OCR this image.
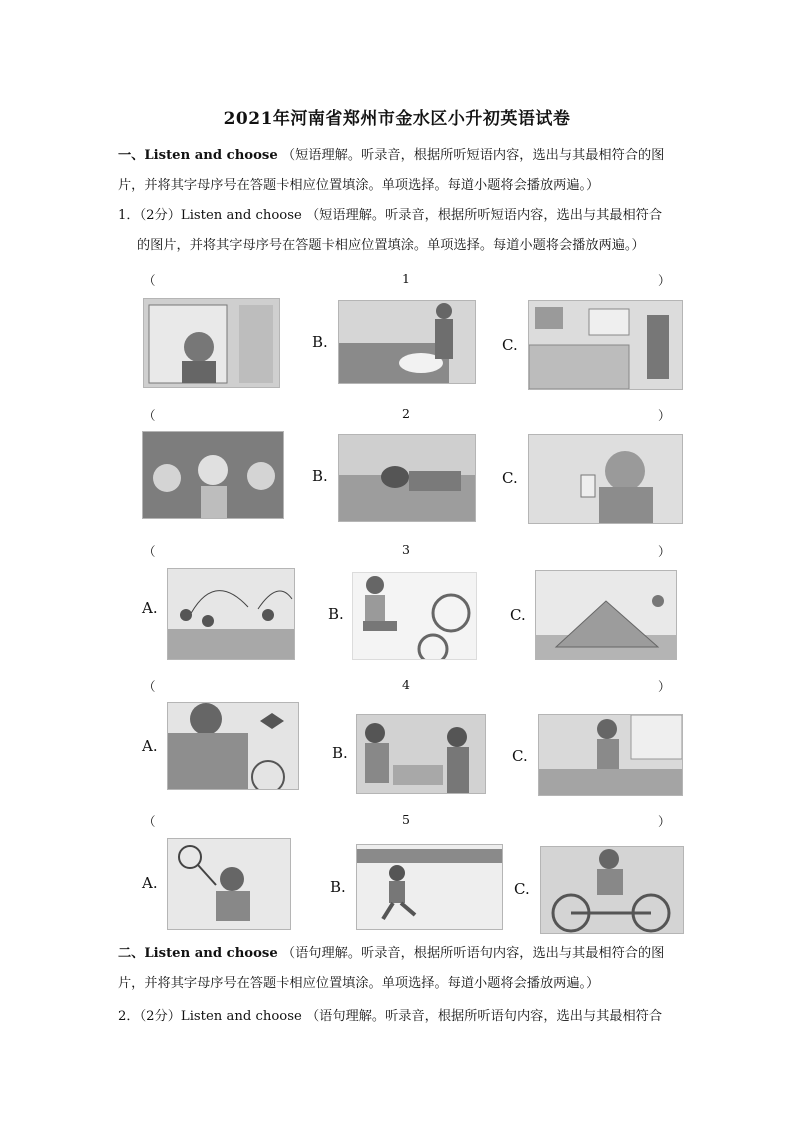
2021年河南省郑州市金水区小升初英语试卷
一、Listen and choose （短语理解。听录音，根据所听短语内容，选出与其最相符合的图
片，并将其字母序号在答题卡相应位置填涂。单项选择。每道小题将会播放两遍。）
1．（2分）Listen and choose （短语理解。听录音，根据所听短语内容，选出与其最相符合
的图片，并将其字母序号在答题卡相应位置填涂。单项选择。每道小题将会播放两遍。）
（	1	）
B.	C.
（	2	）
B.	C.
（	3	）
A.	B.	C.
（	4	）
A.	B.	C.
（	5	）
A.	B.	C.
二、Listen and choose （语句理解。听录音，根据所听语句内容，选出与其最相符合的图
片，并将其字母序号在答题卡相应位置填涂。单项选择。每道小题将会播放两遍。）
2．（2分）Listen and choose （语句理解。听录音，根据所听语句内容，选出与其最相符合
